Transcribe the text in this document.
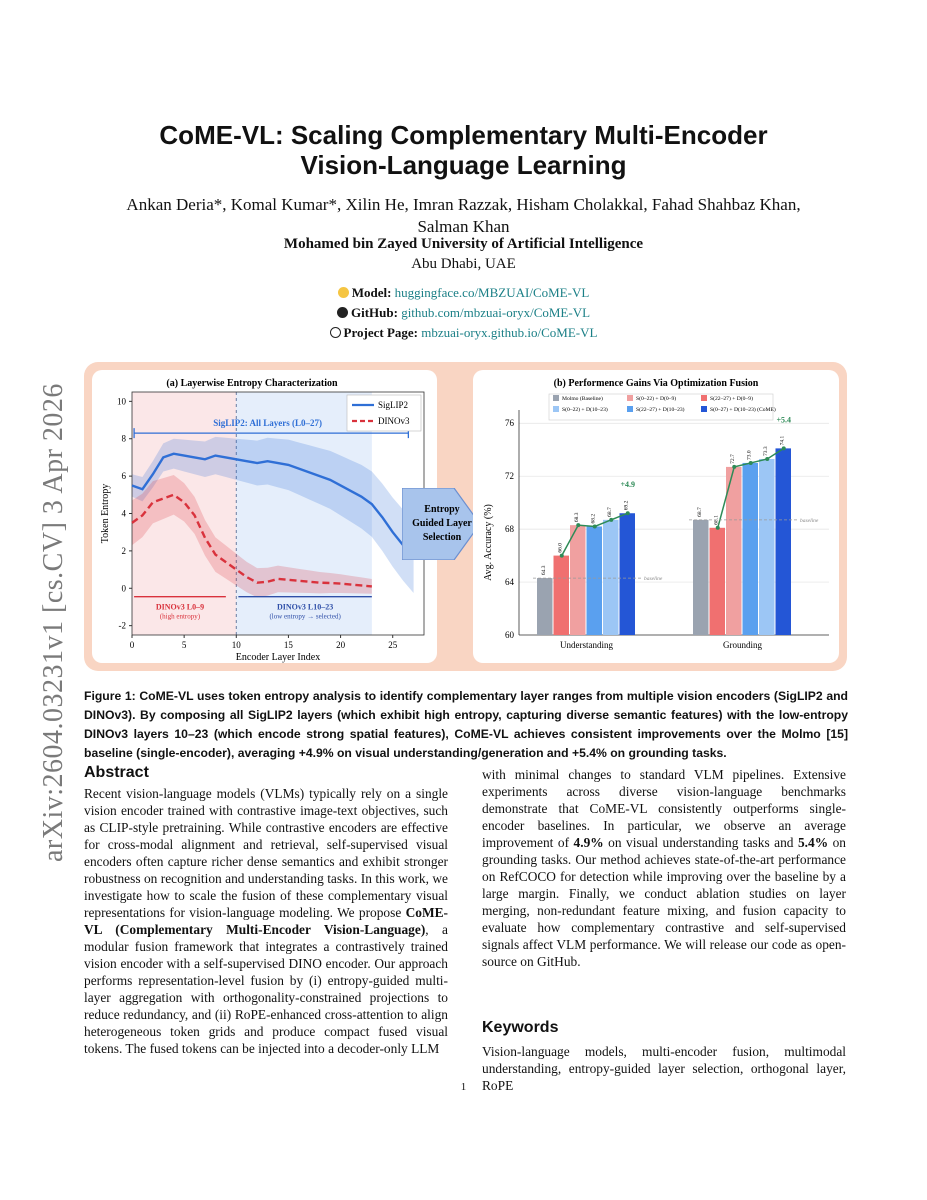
arXiv:2604.03231v1 [cs.CV] 3 Apr 2026
CoME-VL: Scaling Complementary Multi-Encoder
Vision-Language Learning
Ankan Deria*, Komal Kumar*, Xilin He, Imran Razzak, Hisham Cholakkal, Fahad Shahbaz Khan,
Salman Khan
Mohamed bin Zayed University of Artificial Intelligence
Abu Dhabi, UAE
Model: huggingface.co/MBZUAI/CoME-VL
GitHub: github.com/mbzuai-oryx/CoME-VL
Project Page: mbzuai-oryx.github.io/CoME-VL
(a) Layerwise Entropy Characterization
-2
0
2
4
6
8
10
0	5	10	15	20	25
Encoder Layer Index
Token Entropy
SigLIP2: All Layers (L0–27)
DINOv3 L0–9
(high entropy)
DINOv3 L10–23
(low entropy → selected)
SigLIP2
DINOv3
Entropy
Guided Layer
Selection
(b) Performence Gains Via Optimization Fusion
Molmo (Baseline)	S(0–22) + D(0–9)	S(22–27) + D(0–9)
S(0–22) + D(10–23)	S(22–27) + D(10–23)	S(0–27) + D(10–23) (CoME)
60
64
68
72
76
Avg. Accuracy (%)	64.3
66.0
68.3 68.2
68.7
69.2
baseline
+4.9
Understanding
68.7
68.1
72.7 73.0 73.3
74.1
baseline
+5.4
Grounding
Figure 1: CoME-VL uses token entropy analysis to identify complementary layer ranges from multiple vision encoders (SigLIP2 and DINOv3). By composing all SigLIP2 layers (which exhibit high entropy, capturing diverse semantic features) with the low-entropy DINOv3 layers 10–23 (which encode strong spatial features), CoME-VL achieves consistent improvements over the Molmo [15] baseline (single-encoder), averaging +4.9% on visual understanding/generation and +5.4% on grounding tasks.
Abstract
Recent vision-language models (VLMs) typically rely on a single vision encoder trained with contrastive image-text objectives, such as CLIP-style pretraining. While contrastive encoders are effective for cross-modal alignment and retrieval, self-supervised visual encoders often capture richer dense semantics and exhibit stronger robustness on recognition and understanding tasks. In this work, we investigate how to scale the fusion of these complementary visual representations for vision-language modeling. We propose CoME-VL (Complementary Multi-Encoder Vision-Language), a modular fusion framework that integrates a contrastively trained vision encoder with a self-supervised DINO encoder. Our approach performs representation-level fusion by (i) entropy-guided multi-layer aggregation with orthogonality-constrained projections to reduce redundancy, and (ii) RoPE-enhanced cross-attention to align heterogeneous token grids and produce compact fused visual tokens. The fused tokens can be injected into a decoder-only LLM
with minimal changes to standard VLM pipelines. Extensive experiments across diverse vision-language benchmarks demonstrate that CoME-VL consistently outperforms single-encoder baselines. In particular, we observe an average improvement of 4.9% on visual understanding tasks and 5.4% on grounding tasks. Our method achieves state-of-the-art performance on RefCOCO for detection while improving over the baseline by a large margin. Finally, we conduct ablation studies on layer merging, non-redundant feature mixing, and fusion capacity to evaluate how complementary contrastive and self-supervised signals affect VLM performance. We will release our code as open-source on GitHub.
Keywords
Vision-language models, multi-encoder fusion, multimodal understanding, entropy-guided layer selection, orthogonal layer, RoPE
1
